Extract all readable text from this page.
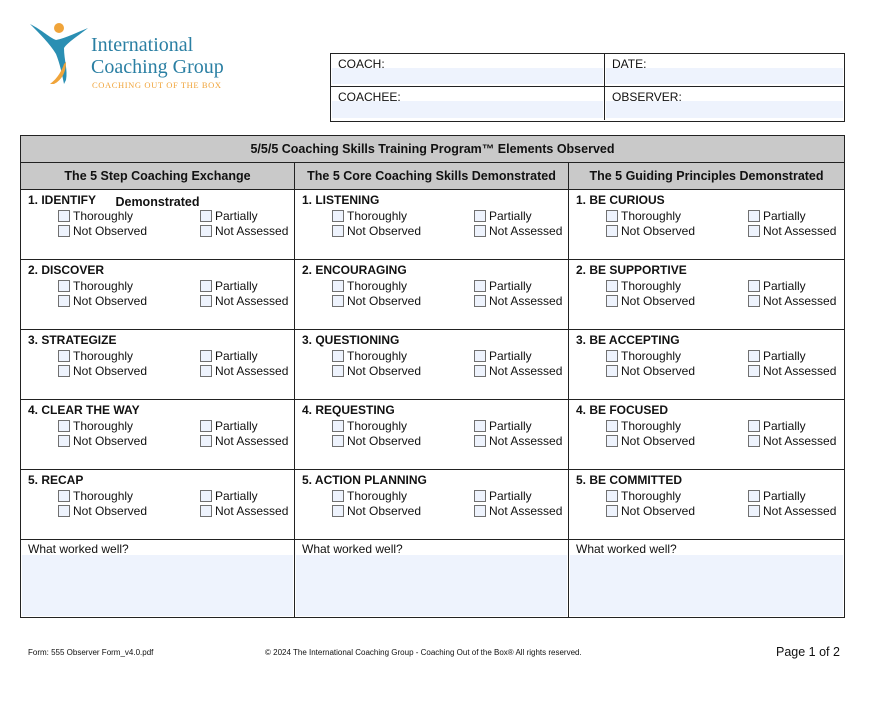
International
Coaching Group
COACHING OUT OF THE BOX
COACH:	DATE:
COACHEE:	OBSERVER:
5/5/5 Coaching Skills Training Program™ Elements Observed
The 5 Step Coaching Exchange Demonstrated
The 5 Core Coaching Skills Demonstrated	The 5 Guiding Principles Demonstrated
1. IDENTIFY
Thoroughly	Partially
Not Observed	Not Assessed
1. LISTENING
Thoroughly	Partially
Not Observed	Not Assessed
1. BE CURIOUS
Thoroughly	Partially
Not Observed	Not Assessed
2. DISCOVER
Thoroughly	Partially
Not Observed	Not Assessed
2. ENCOURAGING
Thoroughly	Partially
Not Observed	Not Assessed
2. BE SUPPORTIVE
Thoroughly	Partially
Not Observed	Not Assessed
3. STRATEGIZE
Thoroughly	Partially
Not Observed	Not Assessed
3. QUESTIONING
Thoroughly	Partially
Not Observed	Not Assessed
3. BE ACCEPTING
Thoroughly	Partially
Not Observed	Not Assessed
4. CLEAR THE WAY
Thoroughly	Partially
Not Observed	Not Assessed
4. REQUESTING
Thoroughly	Partially
Not Observed	Not Assessed
4. BE FOCUSED
Thoroughly	Partially
Not Observed	Not Assessed
5. RECAP
Thoroughly	Partially
Not Observed	Not Assessed
5. ACTION PLANNING
Thoroughly	Partially
Not Observed	Not Assessed
5. BE COMMITTED
Thoroughly	Partially
Not Observed	Not Assessed
What worked well?	What worked well?	What worked well?
Form: 555 Observer Form_v4.0.pdf	© 2024 The International Coaching Group - Coaching Out of the Box® All rights reserved.	Page 1 of 2
